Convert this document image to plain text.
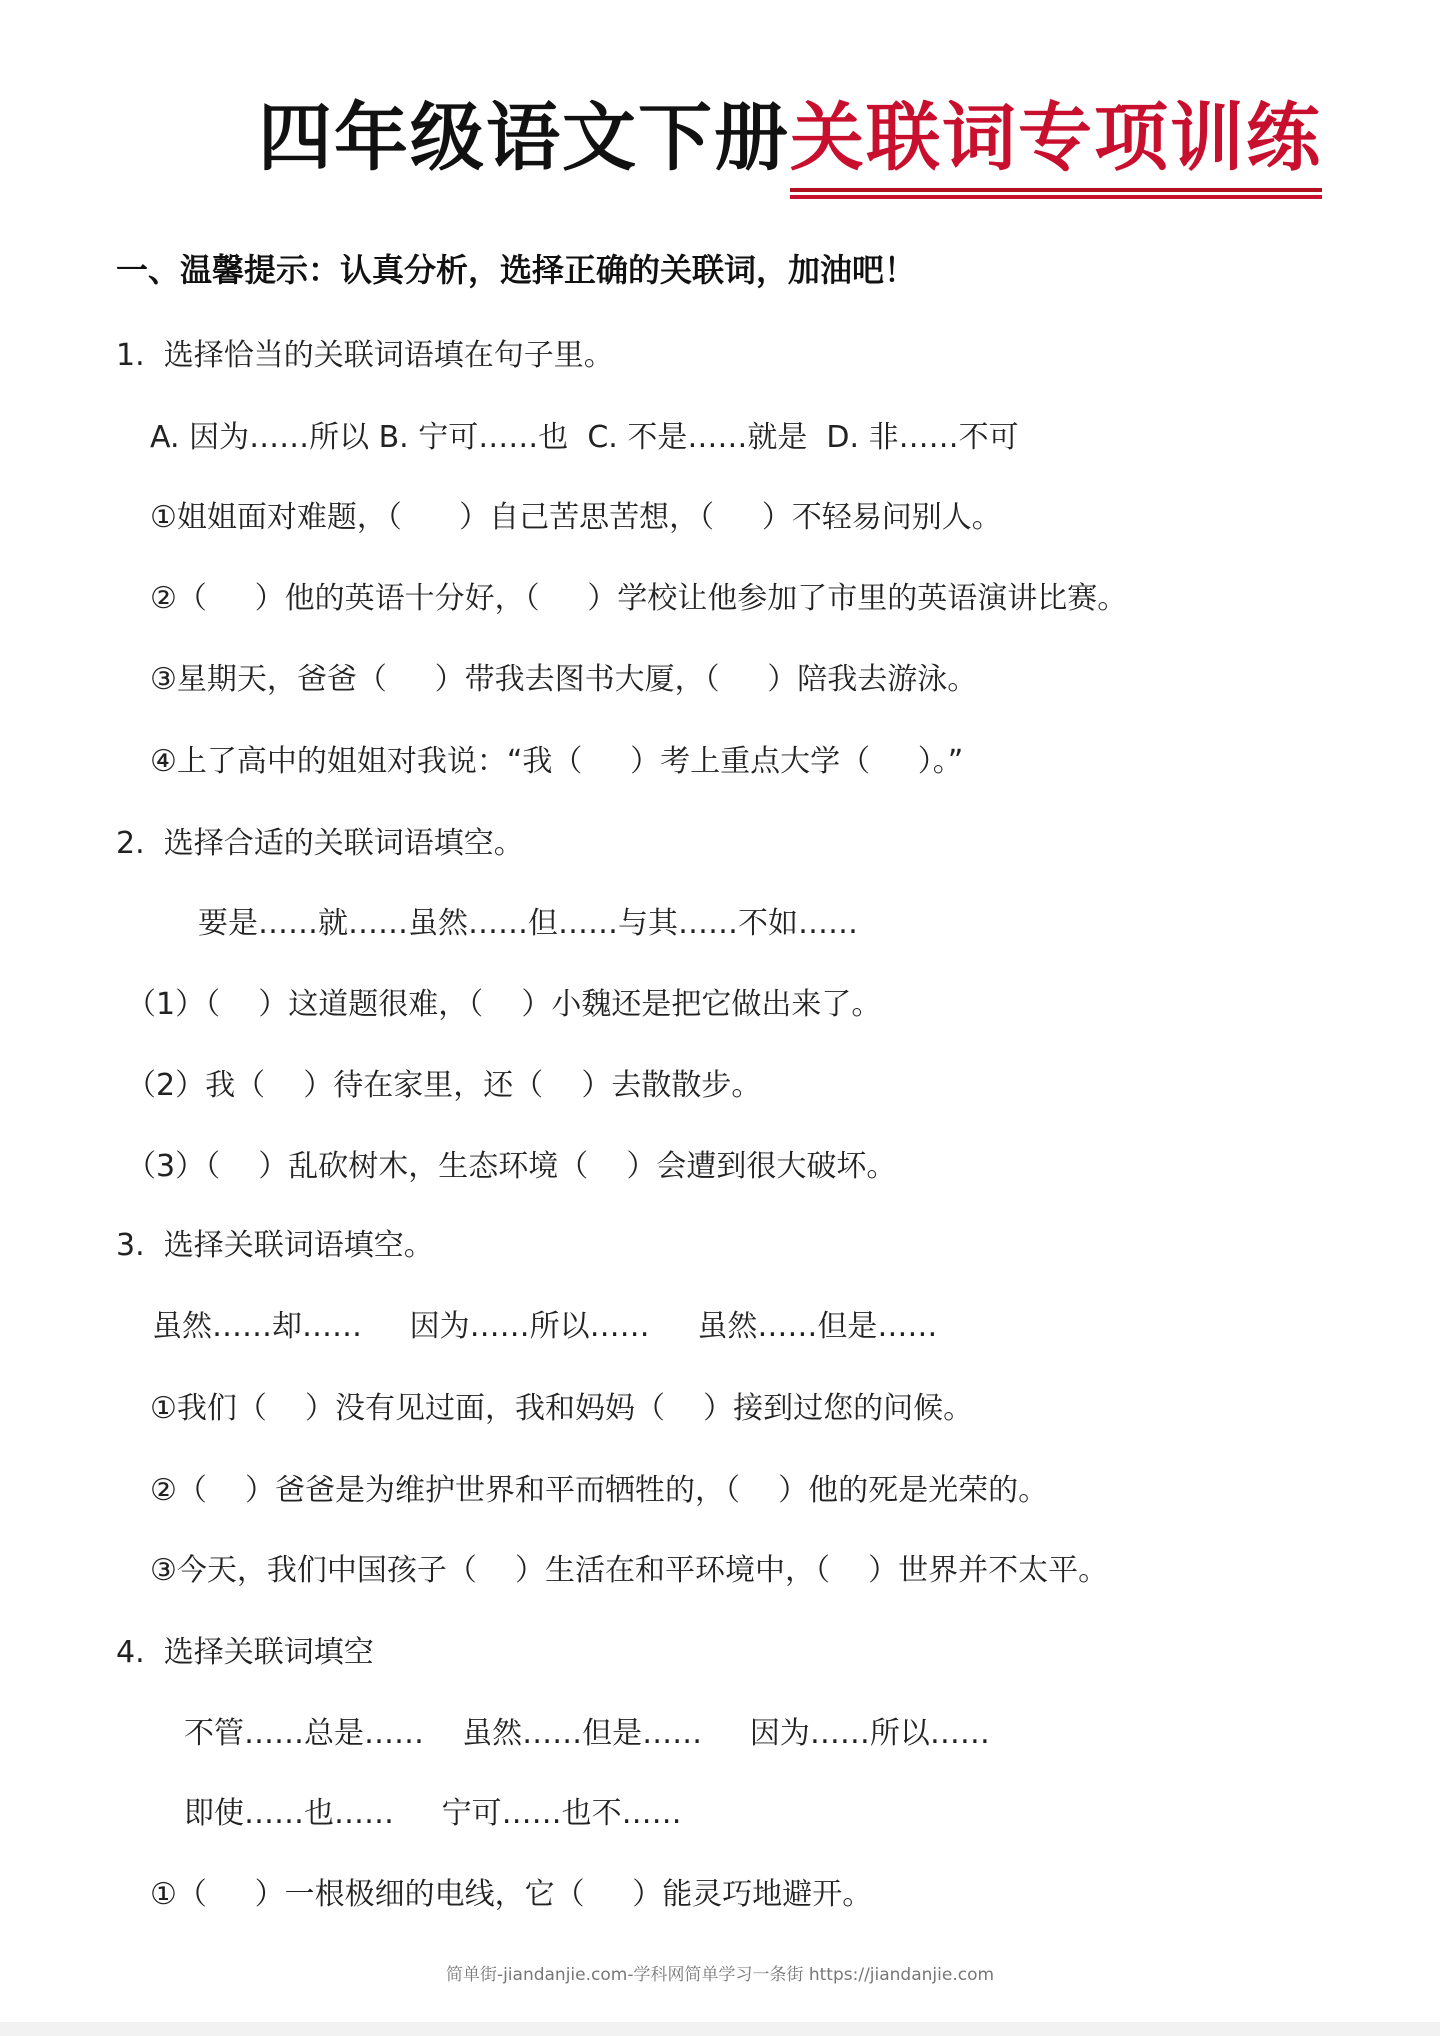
四年级语文下册关联词专项训练
一、温馨提示：认真分析，选择正确的关联词，加油吧！
1.  选择恰当的关联词语填在句子里。
A. 因为……所以 B. 宁可……也  C. 不是……就是  D. 非……不可
①姐姐面对难题，（      ）自己苦思苦想，（     ）不轻易问别人。
②（     ）他的英语十分好，（     ）学校让他参加了市里的英语演讲比赛。
③星期天，爸爸（     ）带我去图书大厦，（     ）陪我去游泳。
④上了高中的姐姐对我说：“我（     ）考上重点大学（     ）。”
2.  选择合适的关联词语填空。
要是……就……虽然……但……与其……不如……
（1）（    ）这道题很难，（    ）小魏还是把它做出来了。
（2）我（    ）待在家里，还（    ）去散散步。
（3）（    ）乱砍树木，生态环境（    ）会遭到很大破坏。
3.  选择关联词语填空。
虽然……却……     因为……所以……     虽然……但是……
①我们（    ）没有见过面，我和妈妈（    ）接到过您的问候。
②（    ）爸爸是为维护世界和平而牺牲的，（    ）他的死是光荣的。
③今天，我们中国孩子（    ）生活在和平环境中，（    ）世界并不太平。
4.  选择关联词填空
不管……总是……    虽然……但是……     因为……所以……
即使……也……     宁可……也不……
①（     ）一根极细的电线，它（     ）能灵巧地避开。
简单街-jiandanjie.com-学科网简单学习一条街 https://jiandanjie.com
